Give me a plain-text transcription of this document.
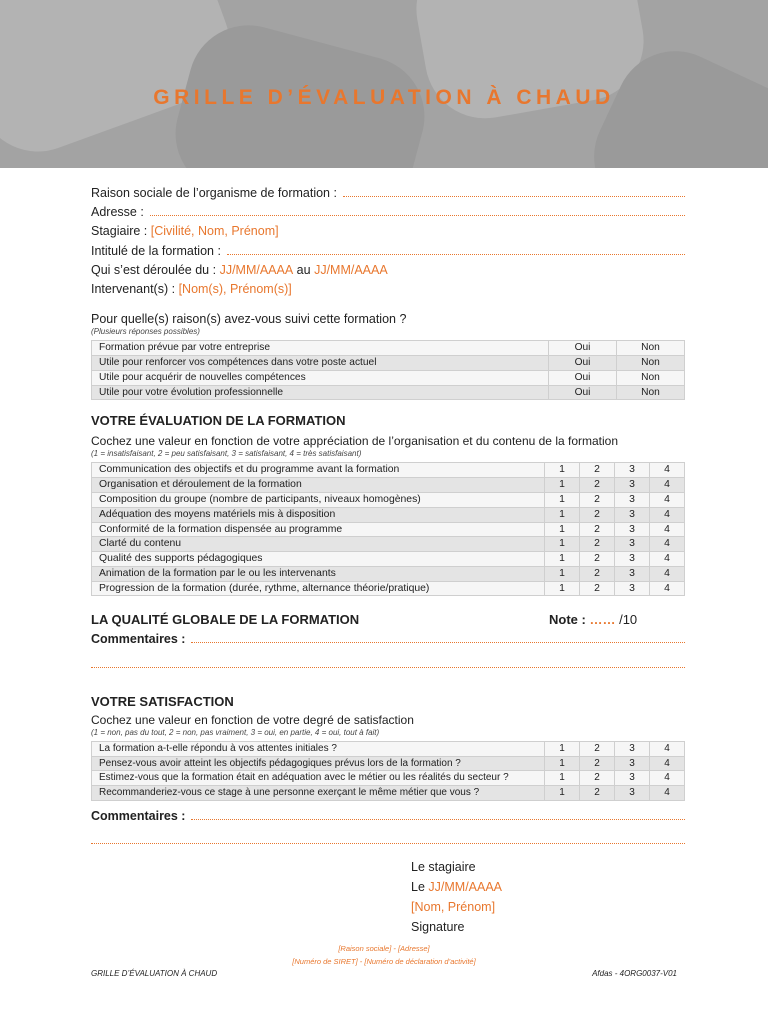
GRILLE D’ÉVALUATION À CHAUD
Raison sociale de l’organisme de formation :
Adresse :
Stagiaire :
[Civilité, Nom, Prénom]
Intitulé de la formation :
Qui s’est déroulée du :
JJ/MM/AAAA
au
JJ/MM/AAAA
Intervenant(s) :
[Nom(s), Prénom(s)]
Pour quelle(s) raison(s) avez-vous suivi cette formation ?
(Plusieurs réponses possibles)
Formation prévue par votre entreprise	Oui	Non
Utile pour renforcer vos compétences dans votre poste actuel	Oui	Non
Utile pour acquérir de nouvelles compétences	Oui	Non
Utile pour votre évolution professionnelle	Oui	Non
VOTRE ÉVALUATION DE LA FORMATION
Cochez une valeur en fonction de votre appréciation de l’organisation et du contenu de la formation
(1 = insatisfaisant, 2 = peu satisfaisant, 3 = satisfaisant, 4 = très satisfaisant)
Communication des objectifs et du programme avant la formation	1	2	3	4
Organisation et déroulement de la formation	1	2	3	4
Composition du groupe (nombre de participants, niveaux homogènes)	1	2	3	4
Adéquation des moyens matériels mis à disposition	1	2	3	4
Conformité de la formation dispensée au programme	1	2	3	4
Clarté du contenu	1	2	3	4
Qualité des supports pédagogiques	1	2	3	4
Animation de la formation par le ou les intervenants	1	2	3	4
Progression de la formation (durée, rythme, alternance théorie/pratique)	1	2	3	4
LA QUALITÉ GLOBALE DE LA FORMATION	Note : …… /10
Commentaires :
VOTRE SATISFACTION
Cochez une valeur en fonction de votre degré de satisfaction
(1 = non, pas du tout, 2 = non, pas vraiment, 3 = oui, en partie, 4 = oui, tout à fait)
La formation a-t-elle répondu à vos attentes initiales ?	1	2	3	4
Pensez-vous avoir atteint les objectifs pédagogiques prévus lors de la formation ?	1	2	3	4
Estimez-vous que la formation était en adéquation avec le métier ou les réalités du secteur ?	1	2	3	4
Recommanderiez-vous ce stage à une personne exerçant le même métier que vous ?	1	2	3	4
Commentaires :
Le stagiaire
Le JJ/MM/AAAA
[Nom, Prénom]
Signature
[Raison sociale] - [Adresse]
[Numéro de SIRET] - [Numéro de déclaration d’activité]
GRILLE D’ÉVALUATION À CHAUD	Afdas - 4ORG0037-V01
